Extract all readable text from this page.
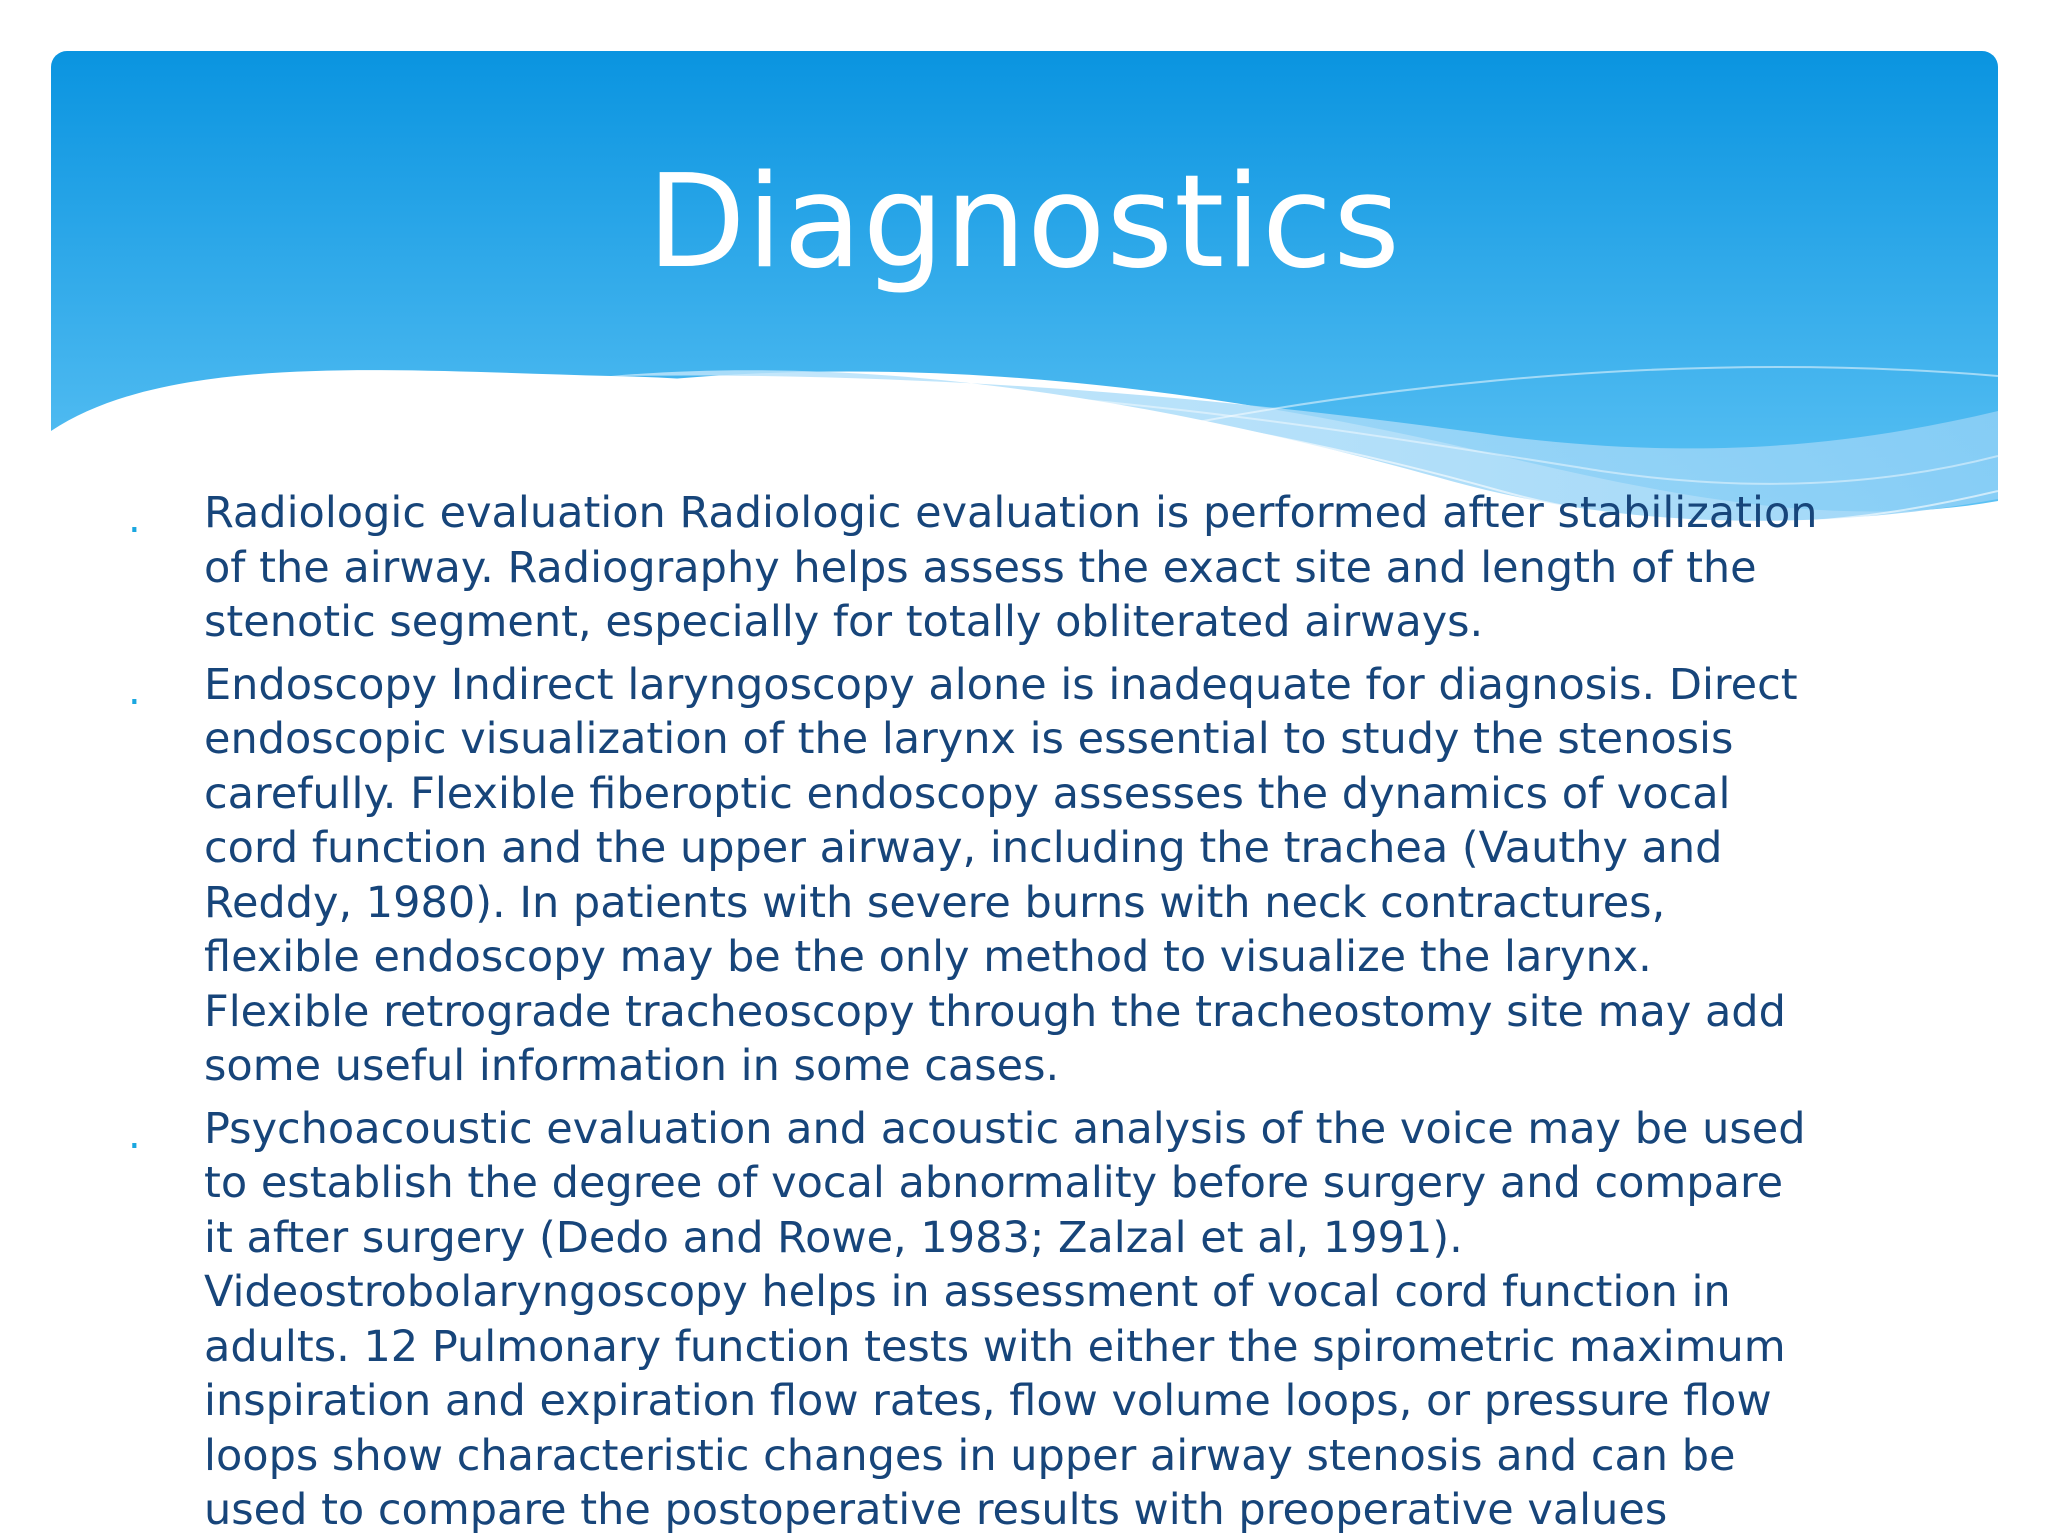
Diagnostics
. Radiologic evaluation Radiologic evaluation is performed after stabilization of the airway. Radiography helps assess the exact site and length of the stenotic segment, especially for totally obliterated airways.
. Endoscopy Indirect laryngoscopy alone is inadequate for diagnosis. Direct endoscopic visualization of the larynx is essential to study the stenosis carefully. Flexible fiberoptic endoscopy assesses the dynamics of vocal cord function and the upper airway, including the trachea (Vauthy and Reddy, 1980). In patients with severe burns with neck contractures, flexible endoscopy may be the only method to visualize the larynx. Flexible retrograde tracheoscopy through the tracheostomy site may add some useful information in some cases.
. Psychoacoustic evaluation and acoustic analysis of the voice may be used to establish the degree of vocal abnormality before surgery and compare it after surgery (Dedo and Rowe, 1983; Zalzal et al, 1991). Videostrobolaryngoscopy helps in assessment of vocal cord function in adults. 12 Pulmonary function tests with either the spirometric maximum inspiration and expiration flow rates, flow volume loops, or pressure flow loops show characteristic changes in upper airway stenosis and can be used to compare the postoperative results with preoperative values
